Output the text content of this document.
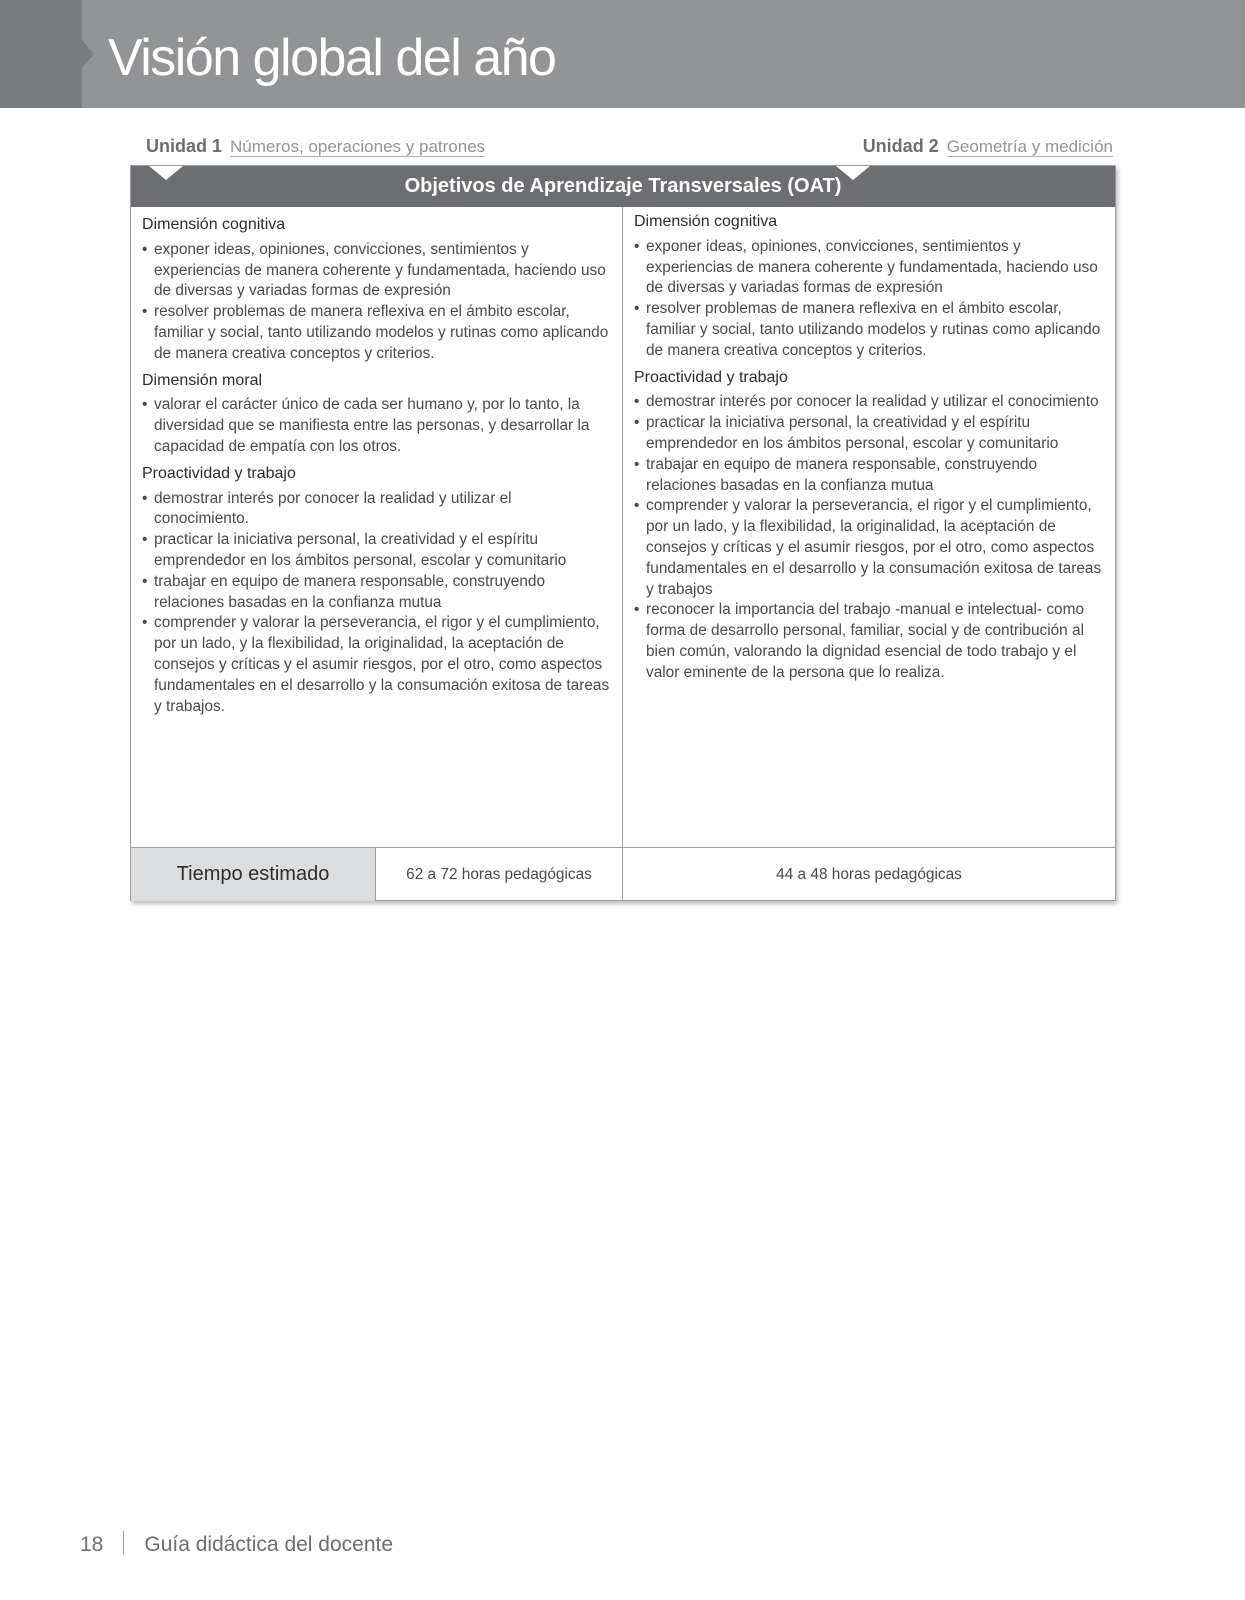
Visión global del año
Unidad 1 Números, operaciones y patrones	Unidad 2 Geometría y medición
Objetivos de Aprendizaje Transversales (OAT)
Dimensión cognitiva
• exponer ideas, opiniones, convicciones, sentimientos y experiencias de manera coherente y fundamentada, haciendo uso de diversas y variadas formas de expresión
• resolver problemas de manera reflexiva en el ámbito escolar, familiar y social, tanto utilizando modelos y rutinas como aplicando de manera creativa conceptos y criterios.
Dimensión moral
• valorar el carácter único de cada ser humano y, por lo tanto, la diversidad que se manifiesta entre las personas, y desarrollar la capacidad de empatía con los otros.
Proactividad y trabajo
• demostrar interés por conocer la realidad y utilizar el conocimiento.
• practicar la iniciativa personal, la creatividad y el espíritu emprendedor en los ámbitos personal, escolar y comunitario
• trabajar en equipo de manera responsable, construyendo relaciones basadas en la confianza mutua
• comprender y valorar la perseverancia, el rigor y el cumplimiento, por un lado, y la flexibilidad, la originalidad, la aceptación de consejos y críticas y el asumir riesgos, por el otro, como aspectos fundamentales en el desarrollo y la consumación exitosa de tareas y trabajos.
Dimensión cognitiva
• exponer ideas, opiniones, convicciones, sentimientos y experiencias de manera coherente y fundamentada, haciendo uso de diversas y variadas formas de expresión
• resolver problemas de manera reflexiva en el ámbito escolar, familiar y social, tanto utilizando modelos y rutinas como aplicando de manera creativa conceptos y criterios.
Proactividad y trabajo
• demostrar interés por conocer la realidad y utilizar el conocimiento
• practicar la iniciativa personal, la creatividad y el espíritu emprendedor en los ámbitos personal, escolar y comunitario
• trabajar en equipo de manera responsable, construyendo relaciones basadas en la confianza mutua
• comprender y valorar la perseverancia, el rigor y el cumplimiento, por un lado, y la flexibilidad, la originalidad, la aceptación de consejos y críticas y el asumir riesgos, por el otro, como aspectos fundamentales en el desarrollo y la consumación exitosa de tareas y trabajos
• reconocer la importancia del trabajo -manual e intelectual- como forma de desarrollo personal, familiar, social y de contribución al bien común, valorando la dignidad esencial de todo trabajo y el valor eminente de la persona que lo realiza.
Tiempo estimado	62 a 72 horas pedagógicas	44 a 48 horas pedagógicas
18 Guía didáctica del docente
